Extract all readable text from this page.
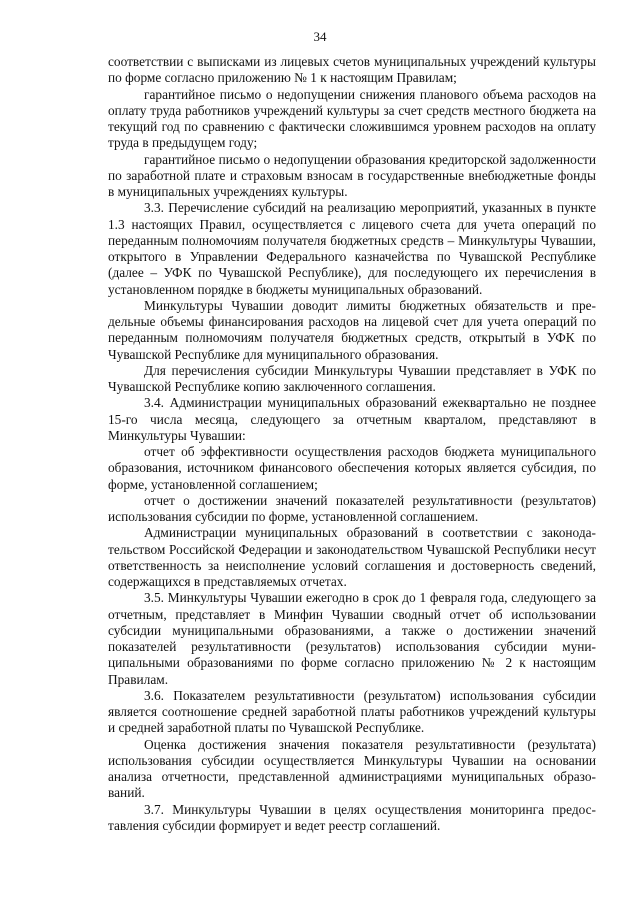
34

соответствии с выписками из лицевых счетов муниципальных учреждений культуры по форме согласно приложению № 1 к настоящим Правилам;

гарантийное письмо о недопущении снижения планового объема расходов на оплату труда работников учреждений культуры за счет средств местного бюджета на текущий год по сравнению с фактически сложившимся уровнем расходов на оплату труда в предыдущем году;

гарантийное письмо о недопущении образования кредиторской задолженности по заработной плате и страховым взносам в государственные внебюджетные фонды в муниципальных учреждениях культуры.

3.3. Перечисление субсидий на реализацию мероприятий, указанных в пункте 1.3 настоящих Правил, осуществляется с лицевого счета для учета операций по переданным полномочиям получателя бюджетных средств – Минкультуры Чувашии, открытого в Управлении Федерального казначейства по Чувашской Республике (далее – УФК по Чувашской Республике), для последующего их перечисления в установленном порядке в бюджеты муниципальных образований.

Минкультуры Чувашии доводит лимиты бюджетных обязательств и предельные объемы финансирования расходов на лицевой счет для учета операций по переданным полномочиям получателя бюджетных средств, открытый в УФК по Чувашской Республике для муниципального образования.

Для перечисления субсидии Минкультуры Чувашии представляет в УФК по Чувашской Республике копию заключенного соглашения.

3.4. Администрации муниципальных образований ежеквартально не позднее 15-го числа месяца, следующего за отчетным кварталом, представляют в Минкультуры Чувашии:

отчет об эффективности осуществления расходов бюджета муниципального образования, источником финансового обеспечения которых является субсидия, по форме, установленной соглашением;

отчет о достижении значений показателей результативности (результатов) использования субсидии по форме, установленной соглашением.

Администрации муниципальных образований в соответствии с законодательством Российской Федерации и законодательством Чувашской Республики несут ответственность за неисполнение условий соглашения и достоверность сведений, содержащихся в представляемых отчетах.

3.5. Минкультуры Чувашии ежегодно в срок до 1 февраля года, следующего за отчетным, представляет в Минфин Чувашии сводный отчет об использовании субсидии муниципальными образованиями, а также о достижении значений показателей результативности (результатов) использования субсидии муниципальными образованиями по форме согласно приложению № 2 к настоящим Правилам.

3.6. Показателем результативности (результатом) использования субсидии является соотношение средней заработной платы работников учреждений культуры и средней заработной платы по Чувашской Республике.

Оценка достижения значения показателя результативности (результата) использования субсидии осуществляется Минкультуры Чувашии на основании анализа отчетности, представленной администрациями муниципальных образований.

3.7. Минкультуры Чувашии в целях осуществления мониторинга предоставления субсидии формирует и ведет реестр соглашений.
